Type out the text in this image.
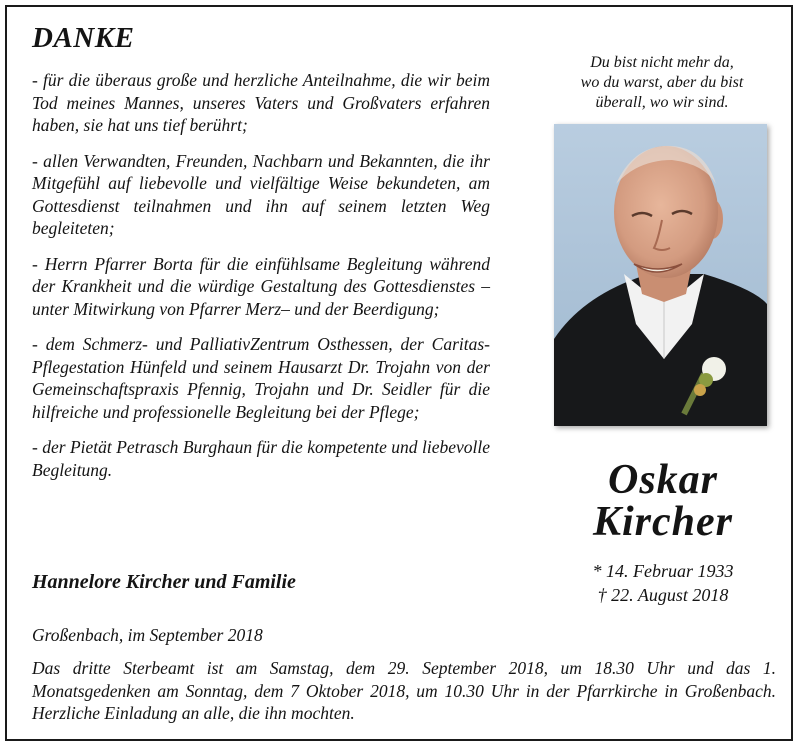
DANKE

- für die überaus große und herzliche Anteilnahme, die wir beim Tod meines Mannes, unseres Vaters und Großvaters erfahren haben, sie hat uns tief berührt;

- allen Verwandten, Freunden, Nachbarn und Bekannten, die ihr Mitgefühl auf liebevolle und vielfältige Weise bekundeten, am Gottesdienst teilnahmen und ihn auf seinem letzten Weg begleiteten;

- Herrn Pfarrer Borta für die einfühlsame Begleitung während der Krankheit und die würdige Gestaltung des Gottesdienstes –unter Mitwirkung von Pfarrer Merz– und der Beerdigung;

- dem Schmerz- und PalliativZentrum Osthessen, der Caritas-Pflegestation Hünfeld und seinem Hausarzt Dr. Trojahn von der Gemeinschaftspraxis Pfennig, Trojahn und Dr. Seidler für die hilfreiche und professionelle Begleitung bei der Pflege;

- der Pietät Petrasch Burghaun für die kompetente und liebevolle Begleitung.

Hannelore Kircher und Familie
Großenbach, im September 2018
Das dritte Sterbeamt ist am Samstag, dem 29. September 2018, um 18.30 Uhr und das 1. Monatsgedenken am Sonntag, dem 7 Oktober 2018, um 10.30 Uhr in der Pfarrkirche in Großenbach. Herzliche Einladung an alle, die ihn mochten.
Du bist nicht mehr da,
wo du warst, aber du bist
überall, wo wir sind.
Oskar
Kircher
* 14. Februar 1933
† 22. August 2018
